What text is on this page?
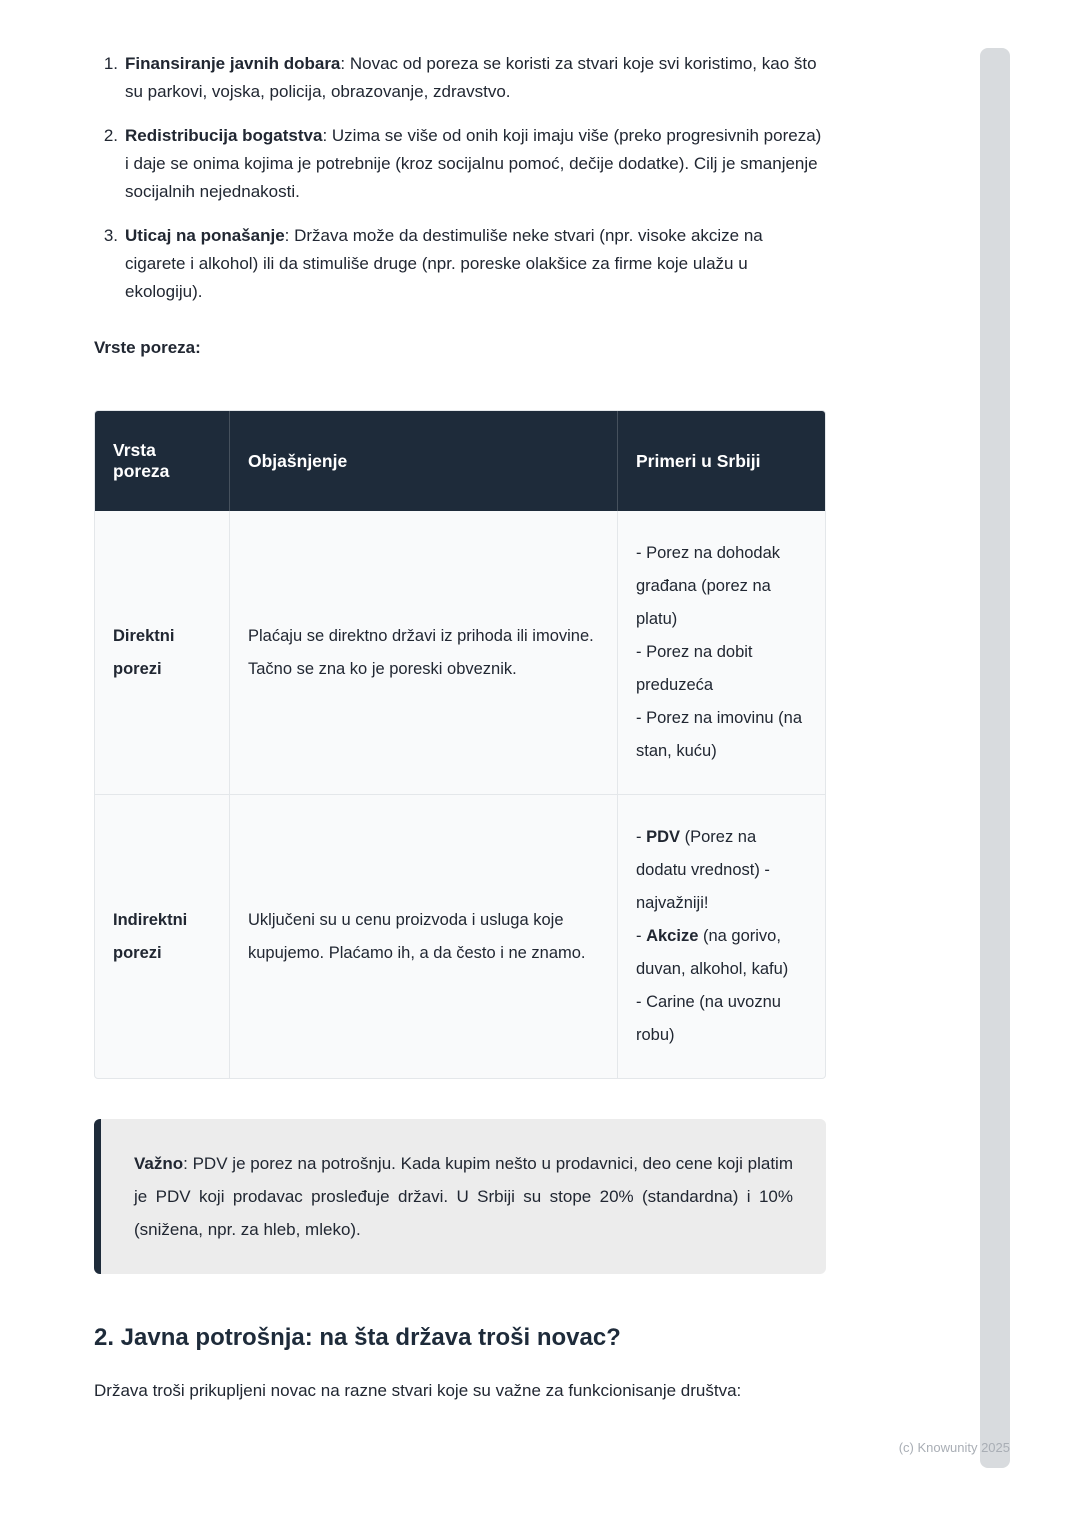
1. Finansiranje javnih dobara: Novac od poreza se koristi za stvari koje svi koristimo, kao što su parkovi, vojska, policija, obrazovanje, zdravstvo.
2. Redistribucija bogatstva: Uzima se više od onih koji imaju više (preko progresivnih poreza) i daje se onima kojima je potrebnije (kroz socijalnu pomoć, dečije dodatke). Cilj je smanjenje socijalnih nejednakosti.
3. Uticaj na ponašanje: Država može da destimuliše neke stvari (npr. visoke akcize na cigarete i alkohol) ili da stimuliše druge (npr. poreske olakšice za firme koje ulažu u ekologiju).
Vrste poreza:
Vrsta poreza
Objašnjenje	Primeri u Srbiji
Direktni porezi
Plaćaju se direktno državi iz prihoda ili imovine. Tačno se zna ko je poreski obveznik.
- Porez na dohodak građana (porez na platu)
- Porez na dobit preduzeća
- Porez na imovinu (na stan, kuću)
Indirektni porezi
Uključeni su u cenu proizvoda i usluga koje kupujemo. Plaćamo ih, a da često i ne znamo.
- PDV (Porez na dodatu vrednost) - najvažniji!
- Akcize (na gorivo, duvan, alkohol, kafu)
- Carine (na uvoznu robu)
Važno: PDV je porez na potrošnju. Kada kupim nešto u prodavnici, deo cene koji platim je PDV koji prodavac prosleđuje državi. U Srbiji su stope 20% (standardna) i 10% (snižena, npr. za hleb, mleko).
2. Javna potrošnja: na šta država troši novac?

Država troši prikupljeni novac na razne stvari koje su važne za funkcionisanje društva:

(c) Knowunity 2025
